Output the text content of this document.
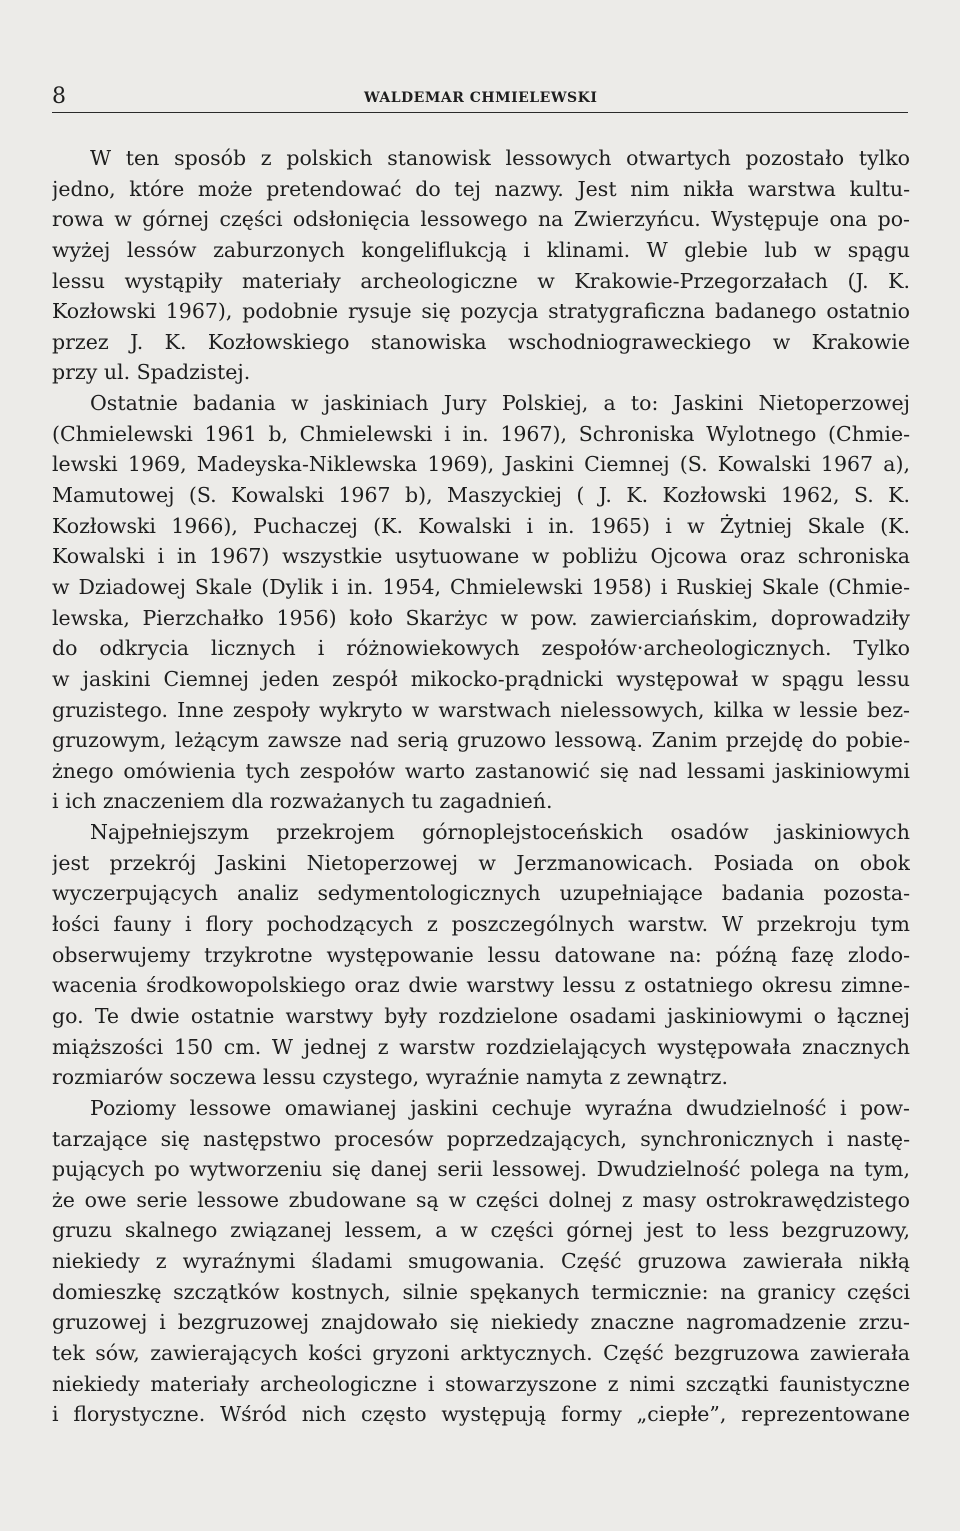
8	WALDEMAR CHMIELEWSKI

W ten sposób z polskich stanowisk lessowych otwartych pozostało tylko
jedno, które może pretendować do tej nazwy. Jest nim nikła warstwa kultu-
rowa w górnej części odsłonięcia lessowego na Zwierzyńcu. Występuje ona po-
wyżej lessów zaburzonych kongeliflukcją i klinami. W glebie lub w spągu
lessu wystąpiły materiały archeologiczne w Krakowie-Przegorzałach (J. K.
Kozłowski 1967), podobnie rysuje się pozycja stratygraficzna badanego ostatnio
przez J. K. Kozłowskiego stanowiska wschodniograweckiego w Krakowie
przy ul. Spadzistej.

Ostatnie badania w jaskiniach Jury Polskiej, a to: Jaskini Nietoperzowej
(Chmielewski 1961 b, Chmielewski i in. 1967), Schroniska Wylotnego (Chmie-
lewski 1969, Madeyska-Niklewska 1969), Jaskini Ciemnej (S. Kowalski 1967 a),
Mamutowej (S. Kowalski 1967 b), Maszyckiej ( J. K. Kozłowski 1962, S. K.
Kozłowski 1966), Puchaczej (K. Kowalski i in. 1965) i w Żytniej Skale (K.
Kowalski i in 1967) wszystkie usytuowane w pobliżu Ojcowa oraz schroniska
w Dziadowej Skale (Dylik i in. 1954, Chmielewski 1958) i Ruskiej Skale (Chmie-
lewska, Pierzchałko 1956) koło Skarżyc w pow. zawierciańskim, doprowadziły
do odkrycia licznych i różnowiekowych zespołów·archeologicznych. Tylko
w jaskini Ciemnej jeden zespół mikocko-prądnicki występował w spągu lessu
gruzistego. Inne zespoły wykryto w warstwach nielessowych, kilka w lessie bez-
gruzowym, leżącym zawsze nad serią gruzowo lessową. Zanim przejdę do pobie-
żnego omówienia tych zespołów warto zastanowić się nad lessami jaskiniowymi
i ich znaczeniem dla rozważanych tu zagadnień.

Najpełniejszym przekrojem górnoplejstoceńskich osadów jaskiniowych
jest przekrój Jaskini Nietoperzowej w Jerzmanowicach. Posiada on obok
wyczerpujących analiz sedymentologicznych uzupełniające badania pozosta-
łości fauny i flory pochodzących z poszczególnych warstw. W przekroju tym
obserwujemy trzykrotne występowanie lessu datowane na: późną fazę zlodo-
wacenia środkowopolskiego oraz dwie warstwy lessu z ostatniego okresu zimne-
go. Te dwie ostatnie warstwy były rozdzielone osadami jaskiniowymi o łącznej
miąższości 150 cm. W jednej z warstw rozdzielających występowała znacznych
rozmiarów soczewa lessu czystego, wyraźnie namyta z zewnątrz.

Poziomy lessowe omawianej jaskini cechuje wyraźna dwudzielność i pow-
tarzające się następstwo procesów poprzedzających, synchronicznych i nastę-
pujących po wytworzeniu się danej serii lessowej. Dwudzielność polega na tym,
że owe serie lessowe zbudowane są w części dolnej z masy ostrokrawędzistego
gruzu skalnego związanej lessem, a w części górnej jest to less bezgruzowy,
niekiedy z wyraźnymi śladami smugowania. Część gruzowa zawierała nikłą
domieszkę szczątków kostnych, silnie spękanych termicznie: na granicy części
gruzowej i bezgruzowej znajdowało się niekiedy znaczne nagromadzenie zrzu-
tek sów, zawierających kości gryzoni arktycznych. Część bezgruzowa zawierała
niekiedy materiały archeologiczne i stowarzyszone z nimi szczątki faunistyczne
i florystyczne. Wśród nich często występują formy „ciepłe”, reprezentowane
